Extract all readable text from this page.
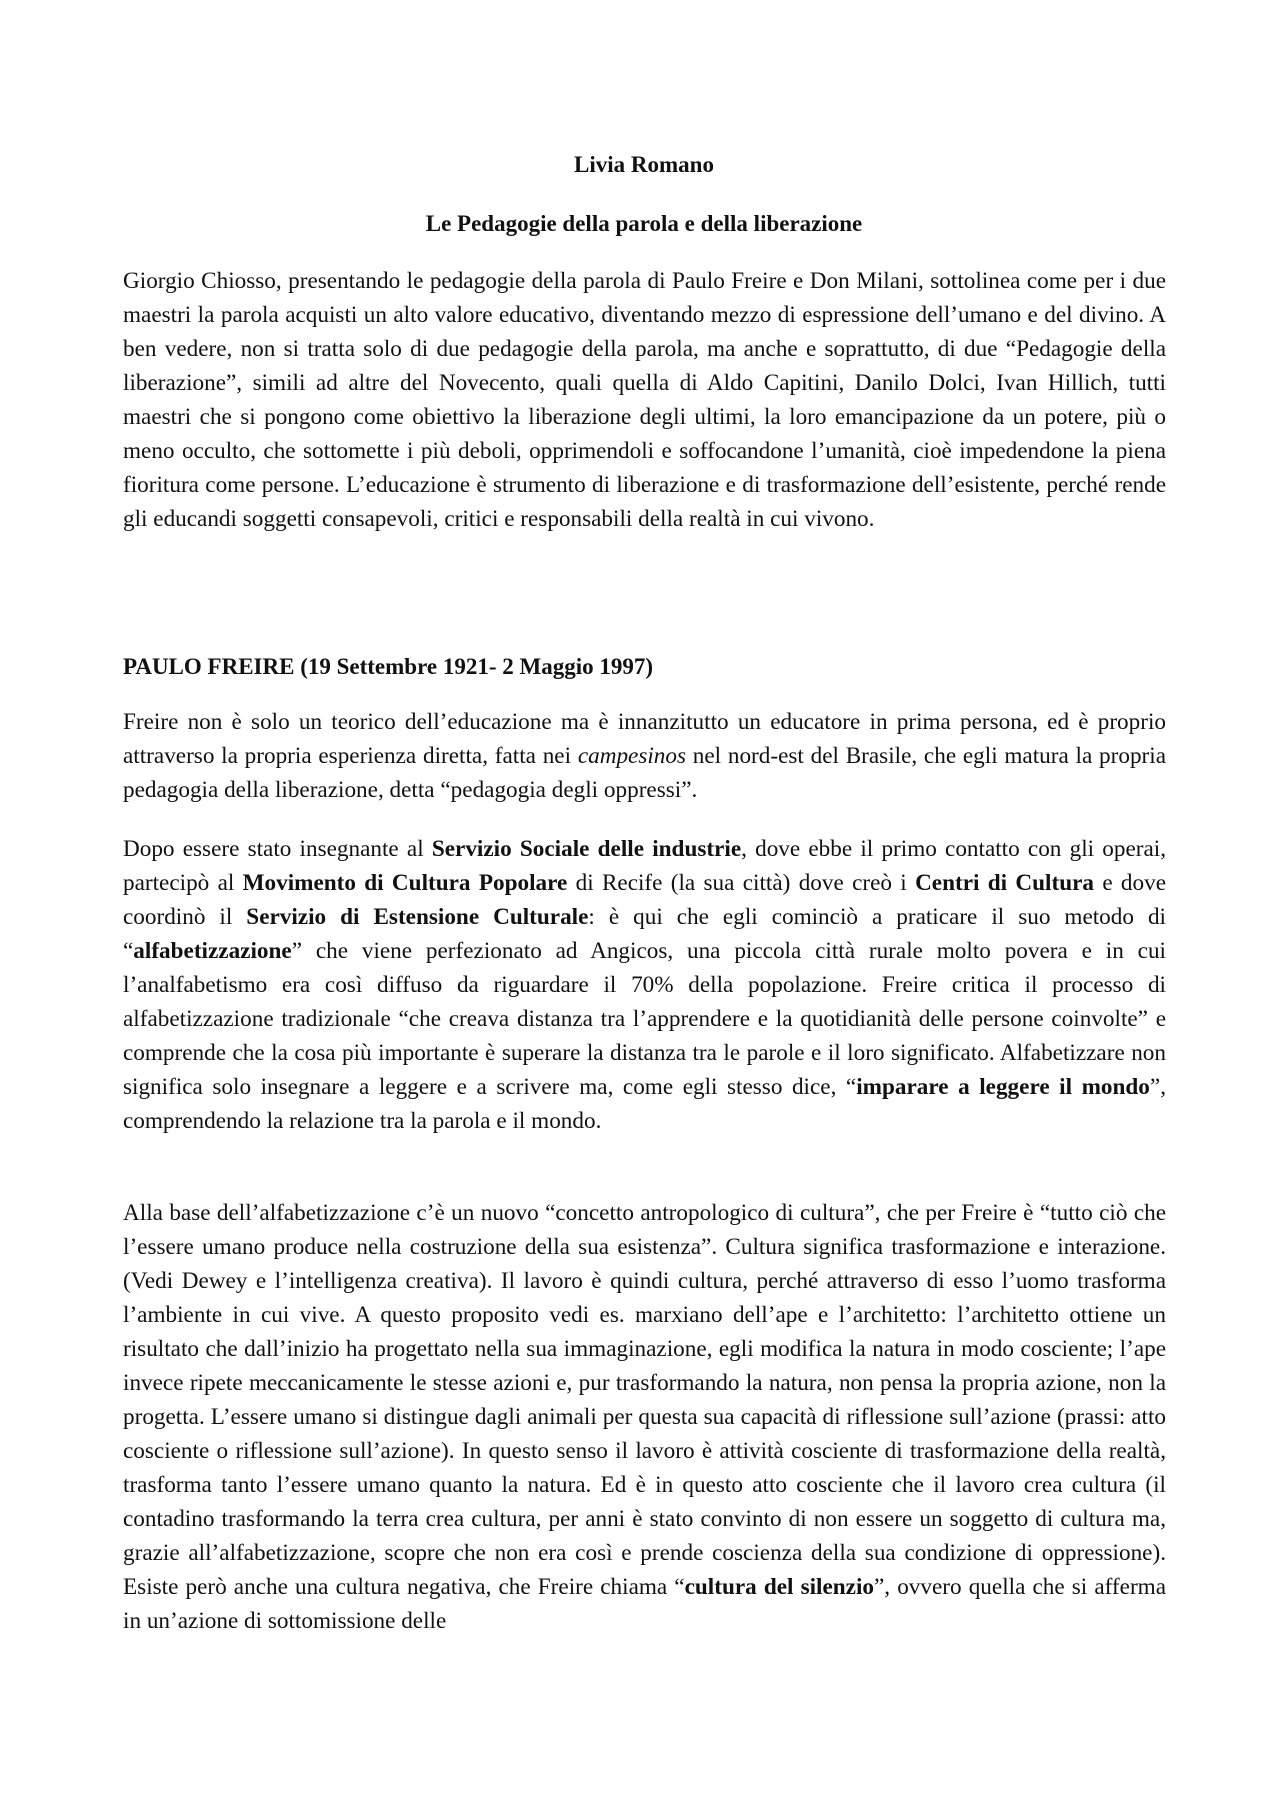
Livia Romano
Le Pedagogie della parola e della liberazione

Giorgio Chiosso, presentando le pedagogie della parola di Paulo Freire e Don Milani, sottolinea come per i due maestri la parola acquisti un alto valore educativo, diventando mezzo di espressione dell’umano e del divino. A ben vedere, non si tratta solo di due pedagogie della parola, ma anche e soprattutto, di due “Pedagogie della liberazione”, simili ad altre del Novecento, quali quella di Aldo Capitini, Danilo Dolci, Ivan Hillich, tutti maestri che si pongono come obiettivo la liberazione degli ultimi, la loro emancipazione da un potere, più o meno occulto, che sottomette i più deboli, opprimendoli e soffocandone l’umanità, cioè impedendone la piena fioritura come persone. L’educazione è strumento di liberazione e di trasformazione dell’esistente, perché rende gli educandi soggetti consapevoli, critici e responsabili della realtà in cui vivono.

PAULO FREIRE (19 Settembre 1921- 2 Maggio 1997)

Freire non è solo un teorico dell’educazione ma è innanzitutto un educatore in prima persona, ed è proprio attraverso la propria esperienza diretta, fatta nei campesinos nel nord-est del Brasile, che egli matura la propria pedagogia della liberazione, detta “pedagogia degli oppressi”.

Dopo essere stato insegnante al Servizio Sociale delle industrie, dove ebbe il primo contatto con gli operai, partecipò al Movimento di Cultura Popolare di Recife (la sua città) dove creò i Centri di Cultura e dove coordinò il Servizio di Estensione Culturale: è qui che egli cominciò a praticare il suo metodo di “alfabetizzazione” che viene perfezionato ad Angicos, una piccola città rurale molto povera e in cui l’analfabetismo era così diffuso da riguardare il 70% della popolazione. Freire critica il processo di alfabetizzazione tradizionale “che creava distanza tra l’apprendere e la quotidianità delle persone coinvolte” e comprende che la cosa più importante è superare la distanza tra le parole e il loro significato. Alfabetizzare non significa solo insegnare a leggere e a scrivere ma, come egli stesso dice, “imparare a leggere il mondo”, comprendendo la relazione tra la parola e il mondo.

Alla base dell’alfabetizzazione c’è un nuovo “concetto antropologico di cultura”, che per Freire è “tutto ciò che l’essere umano produce nella costruzione della sua esistenza”. Cultura significa trasformazione e interazione. (Vedi Dewey e l’intelligenza creativa). Il lavoro è quindi cultura, perché attraverso di esso l’uomo trasforma l’ambiente in cui vive. A questo proposito vedi es. marxiano dell’ape e l’architetto: l’architetto ottiene un risultato che dall’inizio ha progettato nella sua immaginazione, egli modifica la natura in modo cosciente; l’ape invece ripete meccanicamente le stesse azioni e, pur trasformando la natura, non pensa la propria azione, non la progetta. L’essere umano si distingue dagli animali per questa sua capacità di riflessione sull’azione (prassi: atto cosciente o riflessione sull’azione). In questo senso il lavoro è attività cosciente di trasformazione della realtà, trasforma tanto l’essere umano quanto la natura. Ed è in questo atto cosciente che il lavoro crea cultura (il contadino trasformando la terra crea cultura, per anni è stato convinto di non essere un soggetto di cultura ma, grazie all’alfabetizzazione, scopre che non era così e prende coscienza della sua condizione di oppressione). Esiste però anche una cultura negativa, che Freire chiama “cultura del silenzio”, ovvero quella che si afferma in un’azione di sottomissione delle
